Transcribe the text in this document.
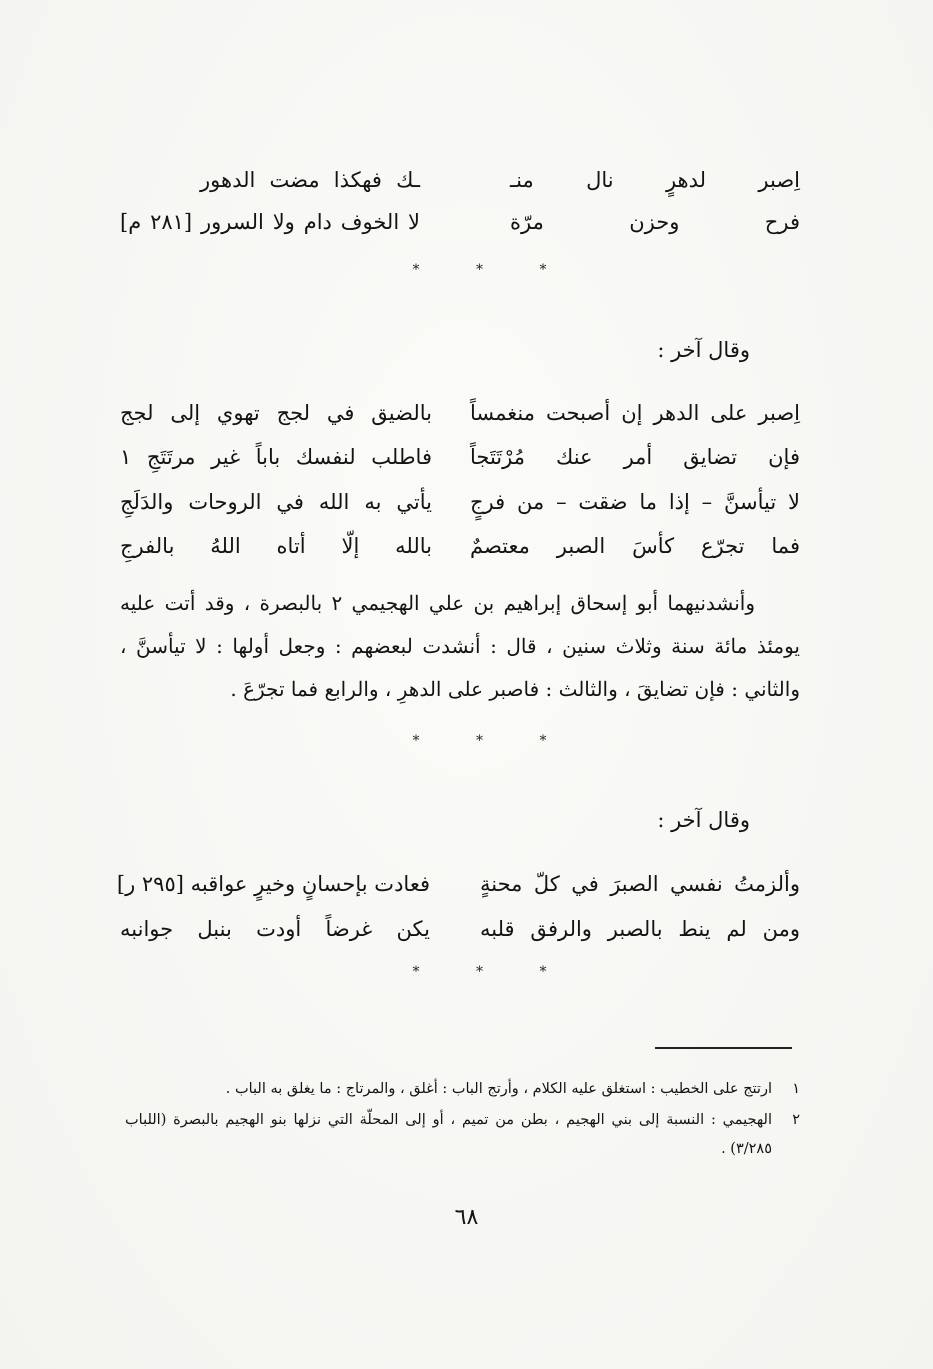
اِصبر لدهرٍ نال منـ
ـك فهكذا مضت الدهور
فرح وحزن مرّة
لا الخوف دام ولا السرور [٢٨١ م]
* * *
وقال آخر :
اِصبر على الدهر إن أصبحت منغمساً
بالضيق في لجج تهوي إلى لجج
فإن تضايق أمر عنك مُرْتَتَجاً
فاطلب لنفسك باباً غير مرتَتَجِ ١
لا تيأسنَّ – إذا ما ضقت – من فرجٍ
يأتي به الله في الروحات والدَلَجِ
فما تجرّع كأسَ الصبر معتصمٌ
بالله إلّا أتاه اللهُ بالفرجِ
وأنشدنيهما أبو إسحاق إبراهيم بن علي الهجيمي ٢ بالبصرة ، وقد أتت عليه
يومئذ مائة سنة وثلاث سنين ، قال : أنشدت لبعضهم : وجعل أولها : لا تيأسنَّ ،
والثاني : فإن تضايقَ ، والثالث : فاصبر على الدهرِ ، والرابع فما تجرّعَ .
* * *
وقال آخر :
وألزمتُ نفسي الصبرَ في كلّ محنةٍ
فعادت بإحسانٍ وخيرٍ عواقبه [٢٩٥ ر]
ومن لم ينط بالصبر والرفق قلبه
يكن غرضاً أودت بنبل جوانبه
* * *
١
ارتتج على الخطيب : استغلق عليه الكلام ، وأرتج الباب : أغلق ، والمرتاج : ما يغلق به الباب .
٢
الهجيمي : النسبة إلى بني الهجيم ، بطن من تميم ، أو إلى المحلّة التي نزلها بنو الهجيم بالبصرة (اللباب
٣/٢٨٥) .
٦٨
